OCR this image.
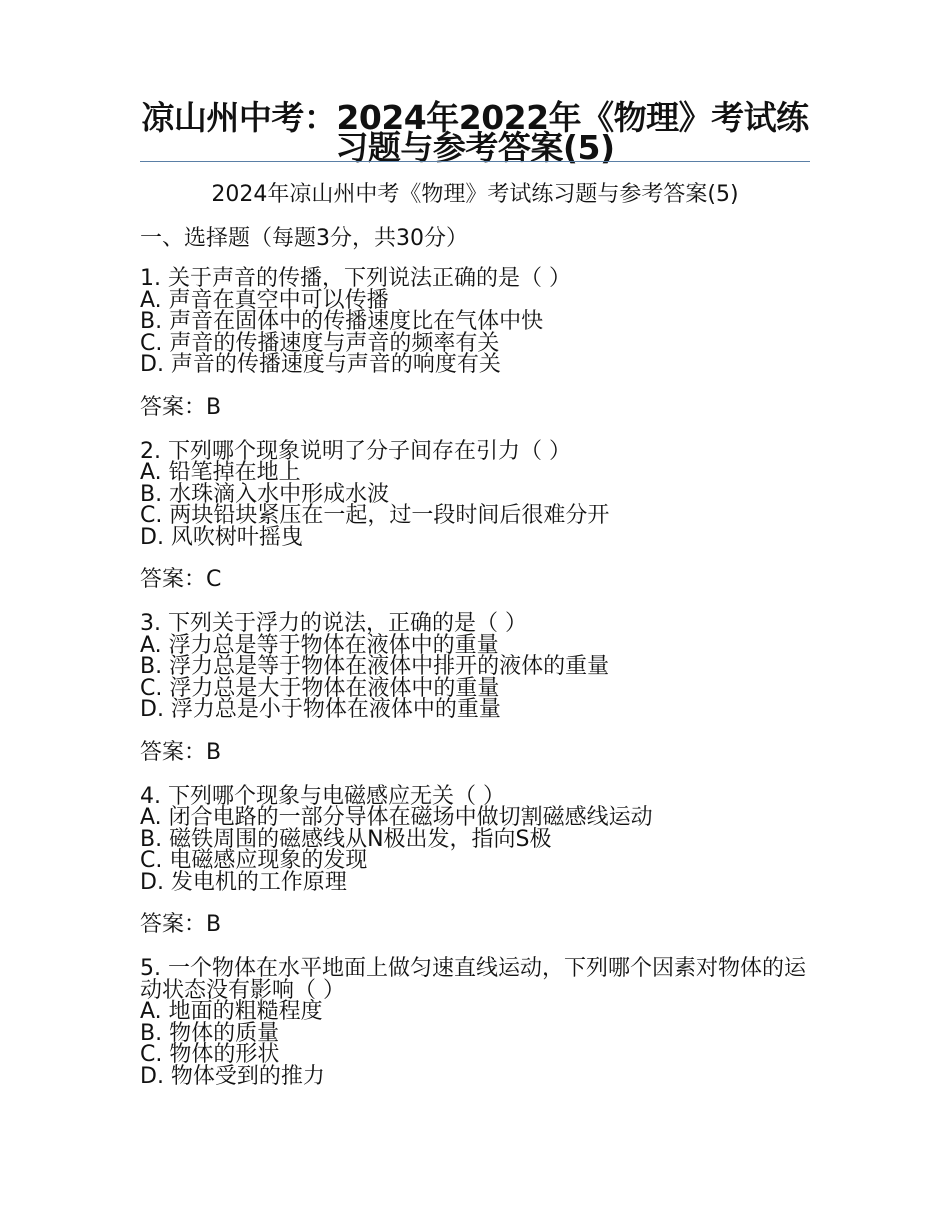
凉山州中考：2024年2022年《物理》考试练习题与参考答案(5)
2024年凉山州中考《物理》考试练习题与参考答案(5)
一、选择题（每题3分，共30分）
1. 关于声音的传播，下列说法正确的是（ ）
A. 声音在真空中可以传播
B. 声音在固体中的传播速度比在气体中快
C. 声音的传播速度与声音的频率有关
D. 声音的传播速度与声音的响度有关
答案：B
2. 下列哪个现象说明了分子间存在引力（ ）
A. 铅笔掉在地上
B. 水珠滴入水中形成水波
C. 两块铅块紧压在一起，过一段时间后很难分开
D. 风吹树叶摇曳
答案：C
3. 下列关于浮力的说法，正确的是（ ）
A. 浮力总是等于物体在液体中的重量
B. 浮力总是等于物体在液体中排开的液体的重量
C. 浮力总是大于物体在液体中的重量
D. 浮力总是小于物体在液体中的重量
答案：B
4. 下列哪个现象与电磁感应无关（ ）
A. 闭合电路的一部分导体在磁场中做切割磁感线运动
B. 磁铁周围的磁感线从N极出发，指向S极
C. 电磁感应现象的发现
D. 发电机的工作原理
答案：B
5. 一个物体在水平地面上做匀速直线运动，下列哪个因素对物体的运动状态没有影响（ ）
A. 地面的粗糙程度
B. 物体的质量
C. 物体的形状
D. 物体受到的推力
